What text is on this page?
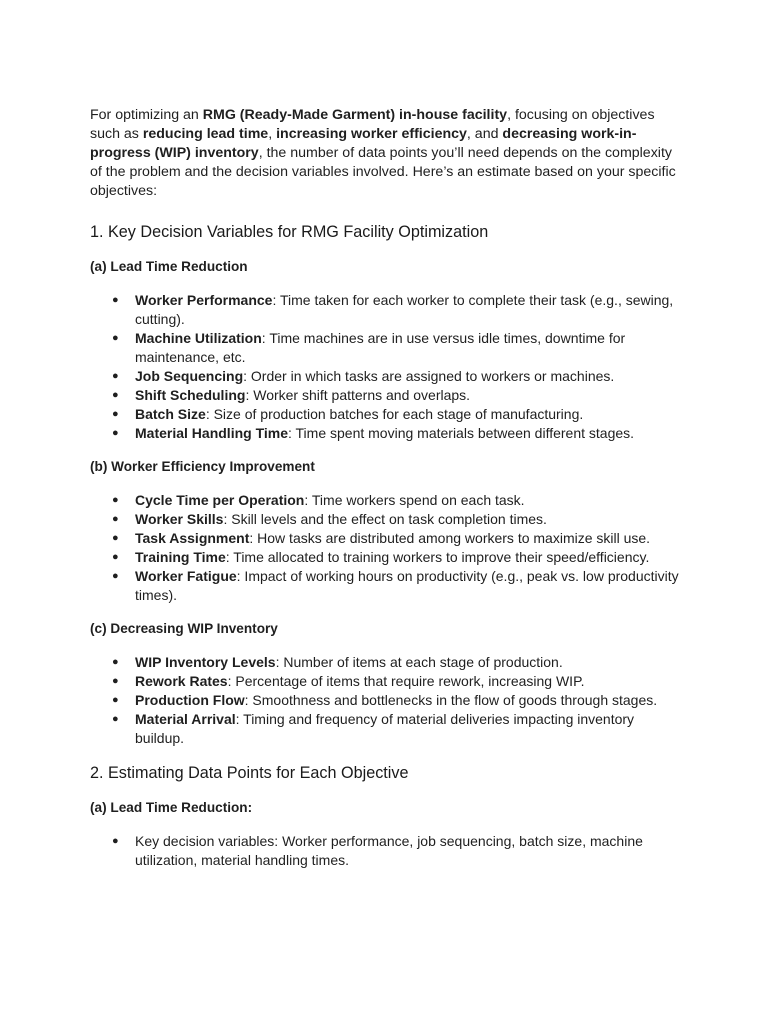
For optimizing an RMG (Ready-Made Garment) in-house facility, focusing on objectives such as reducing lead time, increasing worker efficiency, and decreasing work-in-progress (WIP) inventory, the number of data points you’ll need depends on the complexity of the problem and the decision variables involved. Here’s an estimate based on your specific objectives:

1. Key Decision Variables for RMG Facility Optimization
(a) Lead Time Reduction
● Worker Performance: Time taken for each worker to complete their task (e.g., sewing, cutting).
● Machine Utilization: Time machines are in use versus idle times, downtime for maintenance, etc.
● Job Sequencing: Order in which tasks are assigned to workers or machines.
● Shift Scheduling: Worker shift patterns and overlaps.
● Batch Size: Size of production batches for each stage of manufacturing.
● Material Handling Time: Time spent moving materials between different stages.
(b) Worker Efficiency Improvement
● Cycle Time per Operation: Time workers spend on each task.
● Worker Skills: Skill levels and the effect on task completion times.
● Task Assignment: How tasks are distributed among workers to maximize skill use.
● Training Time: Time allocated to training workers to improve their speed/efficiency.
● Worker Fatigue: Impact of working hours on productivity (e.g., peak vs. low productivity times).
(c) Decreasing WIP Inventory
● WIP Inventory Levels: Number of items at each stage of production.
● Rework Rates: Percentage of items that require rework, increasing WIP.
● Production Flow: Smoothness and bottlenecks in the flow of goods through stages.
● Material Arrival: Timing and frequency of material deliveries impacting inventory buildup.
2. Estimating Data Points for Each Objective
(a) Lead Time Reduction:
● Key decision variables: Worker performance, job sequencing, batch size, machine utilization, material handling times.
